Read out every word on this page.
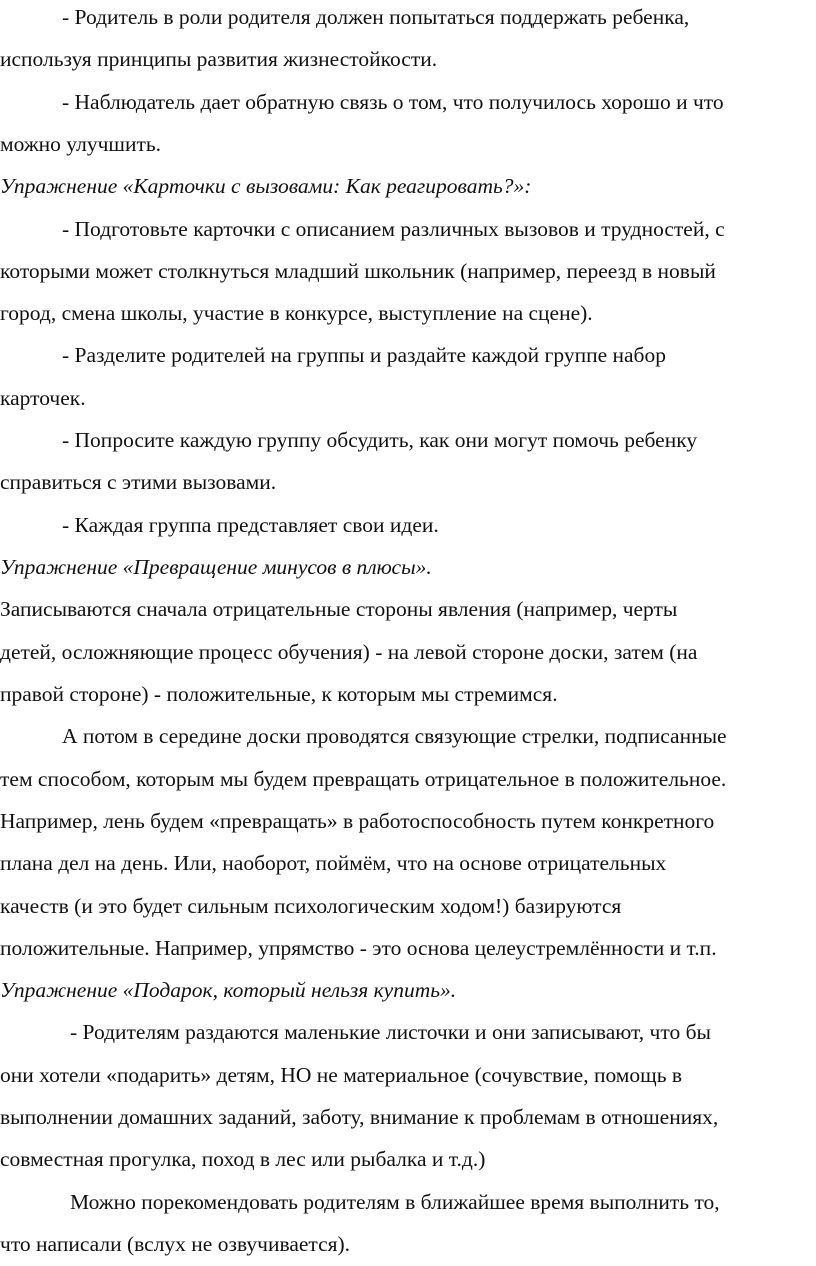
- Родитель в роли родителя должен попытаться поддержать ребенка,
используя принципы развития жизнестойкости.
- Наблюдатель дает обратную связь о том, что получилось хорошо и что
можно улучшить.
Упражнение «Карточки с вызовами: Как реагировать?»:
- Подготовьте карточки с описанием различных вызовов и трудностей, с
которыми может столкнуться младший школьник (например, переезд в новый
город, смена школы, участие в конкурсе, выступление на сцене).
- Разделите родителей на группы и раздайте каждой группе набор
карточек.
- Попросите каждую группу обсудить, как они могут помочь ребенку
справиться с этими вызовами.
- Каждая группа представляет свои идеи.
Упражнение «Превращение минусов в плюсы».
Записываются сначала отрицательные стороны явления (например, черты
детей, осложняющие процесс обучения) - на левой стороне доски, затем (на
правой стороне) - положительные, к которым мы стремимся.
А потом в середине доски проводятся связующие стрелки, подписанные
тем способом, которым мы будем превращать отрицательное в положительное.
Например, лень будем «превращать» в работоспособность путем конкретного
плана дел на день. Или, наоборот, поймём, что на основе отрицательных
качеств (и это будет сильным психологическим ходом!) базируются
положительные. Например, упрямство - это основа целеустремлённости и т.п.
Упражнение «Подарок, который нельзя купить».
- Родителям раздаются маленькие листочки и они записывают, что бы
они хотели «подарить» детям, НО не материальное (сочувствие, помощь в
выполнении домашних заданий, заботу, внимание к проблемам в отношениях,
совместная прогулка, поход в лес или рыбалка и т.д.)
Можно порекомендовать родителям в ближайшее время выполнить то,
что написали (вслух не озвучивается).
